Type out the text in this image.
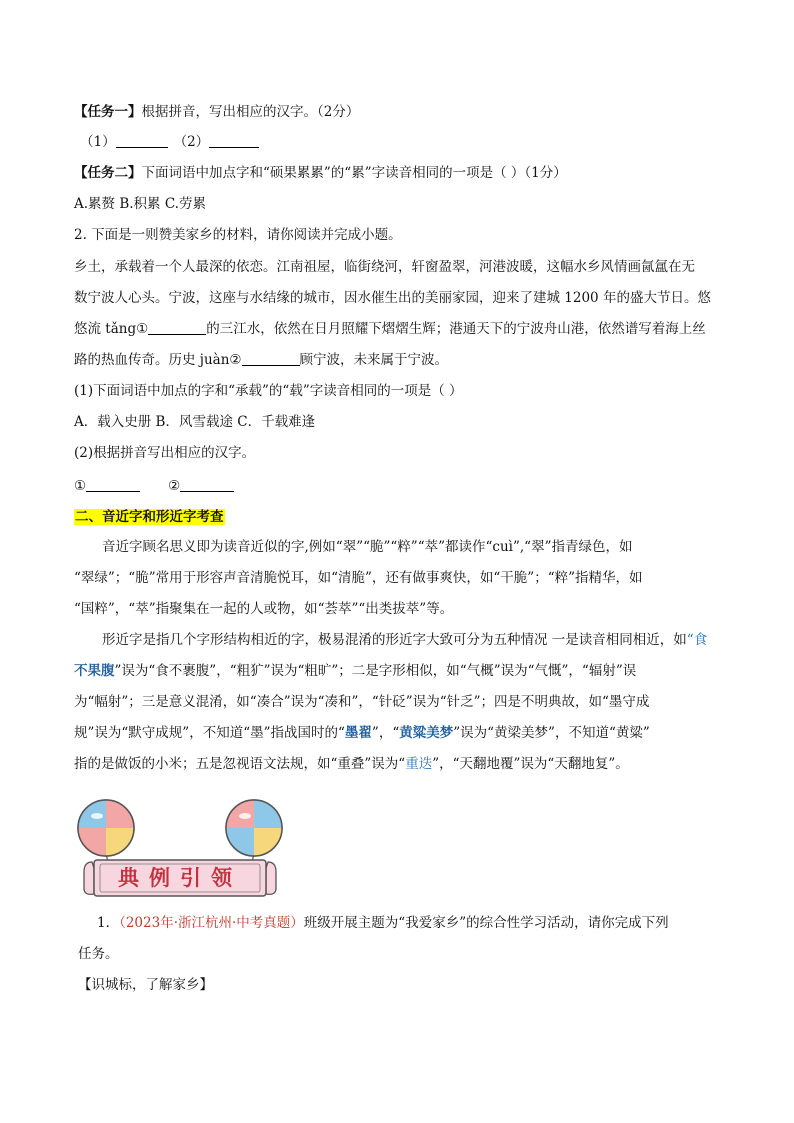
【任务一】根据拼音，写出相应的汉字。（2分）
（1）	（2）
【任务二】下面词语中加点字和“硕果累累”的“累”字读音相同的一项是（ ）（1分）
A.累赘 B.积累 C.劳累
2. 下面是一则赞美家乡的材料，请你阅读并完成小题。
乡土，承载着一个人最深的依恋。江南祖屋，临街绕河，轩窗盈翠，河港波暖，这幅水乡风情画氤氲在无
数宁波人心头。宁波，这座与水结缘的城市，因水催生出的美丽家园，迎来了建城 1200 年的盛大节日。悠
悠流 tǎng①	的三江水，依然在日月照耀下熠熠生辉；港通天下的宁波舟山港，依然谱写着海上丝
路的热血传奇。历史 juàn②	顾宁波，未来属于宁波。
(1)下面词语中加点的字和“承载”的“载”字读音相同的一项是（ ）
A．载入史册 B．风雪载途 C．千载难逢
(2)根据拼音写出相应的汉字。
①	②
二、音近字和形近字考查
音近字顾名思义即为读音近似的字,例如“翠”“脆”“粹”“萃”都读作“cuì”,“翠”指青绿色，如
“翠绿”；“脆”常用于形容声音清脆悦耳，如“清脆”，还有做事爽快，如“干脆”；“粹”指精华，如
“国粹”，“萃”指聚集在一起的人或物，如“荟萃”“出类拔萃”等。
形近字是指几个字形结构相近的字，极易混淆的形近字大致可分为五种情况 一是读音相同相近，如“食
不果腹”误为“食不裹腹”，“粗犷”误为“粗旷”；二是字形相似，如“气概”误为“气慨”，“辐射”误
为“幅射”；三是意义混淆，如“凑合”误为“凑和”，“针砭”误为“针乏”；四是不明典故，如“墨守成
规”误为“默守成规”，不知道“墨”指战国时的“墨翟”，“黄粱美梦”误为“黄梁美梦”，不知道“黄粱”
指的是做饭的小米；五是忽视语文法规，如“重叠”误为“重迭”，“天翻地覆”误为“天翻地复”。
典例引领
1．（2023年·浙江杭州·中考真题）班级开展主题为“我爱家乡”的综合性学习活动，请你完成下列
任务。
【识城标，了解家乡】
